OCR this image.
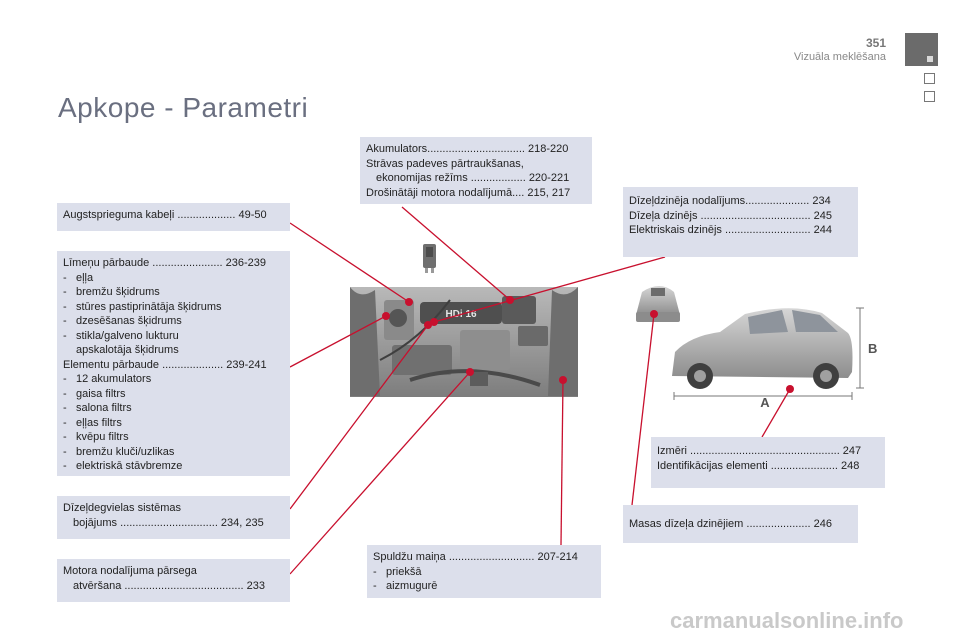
351
Vizuāla meklēšana
Apkope - Parametri
HDi 16
A
B
Augstsprieguma kabeļi ................... 49-50
Līmeņu pārbaude ....................... 236-239
- eļļa
- bremžu šķidrums
- stūres pastiprinātāja šķidrums
- dzesēšanas šķidrums
- stikla/galveno lukturu
apskalotāja šķidrums
Elementu pārbaude .................... 239-241
- 12 akumulators
- gaisa filtrs
- salona filtrs
- eļļas filtrs
- kvēpu filtrs
- bremžu kluči/uzlikas
- elektriskā stāvbremze
Dīzeļdegvielas sistēmas
bojājums ................................ 234, 235
Motora nodalījuma pārsega
atvēršana ....................................... 233
Akumulators................................ 218-220
Strāvas padeves pārtraukšanas,
ekonomijas režīms .................. 220-221
Drošinātāji motora nodalījumā.... 215, 217
Spuldžu maiņa ............................ 207-214
- priekšā
- aizmugurē
Dīzeļdzinēja nodalījums..................... 234
Dīzeļa dzinējs .................................... 245
Elektriskais dzinējs ............................ 244
Izmēri ................................................. 247
Identifikācijas elementi ...................... 248
Masas dīzeļa dzinējiem ..................... 246
carmanualsonline.info
